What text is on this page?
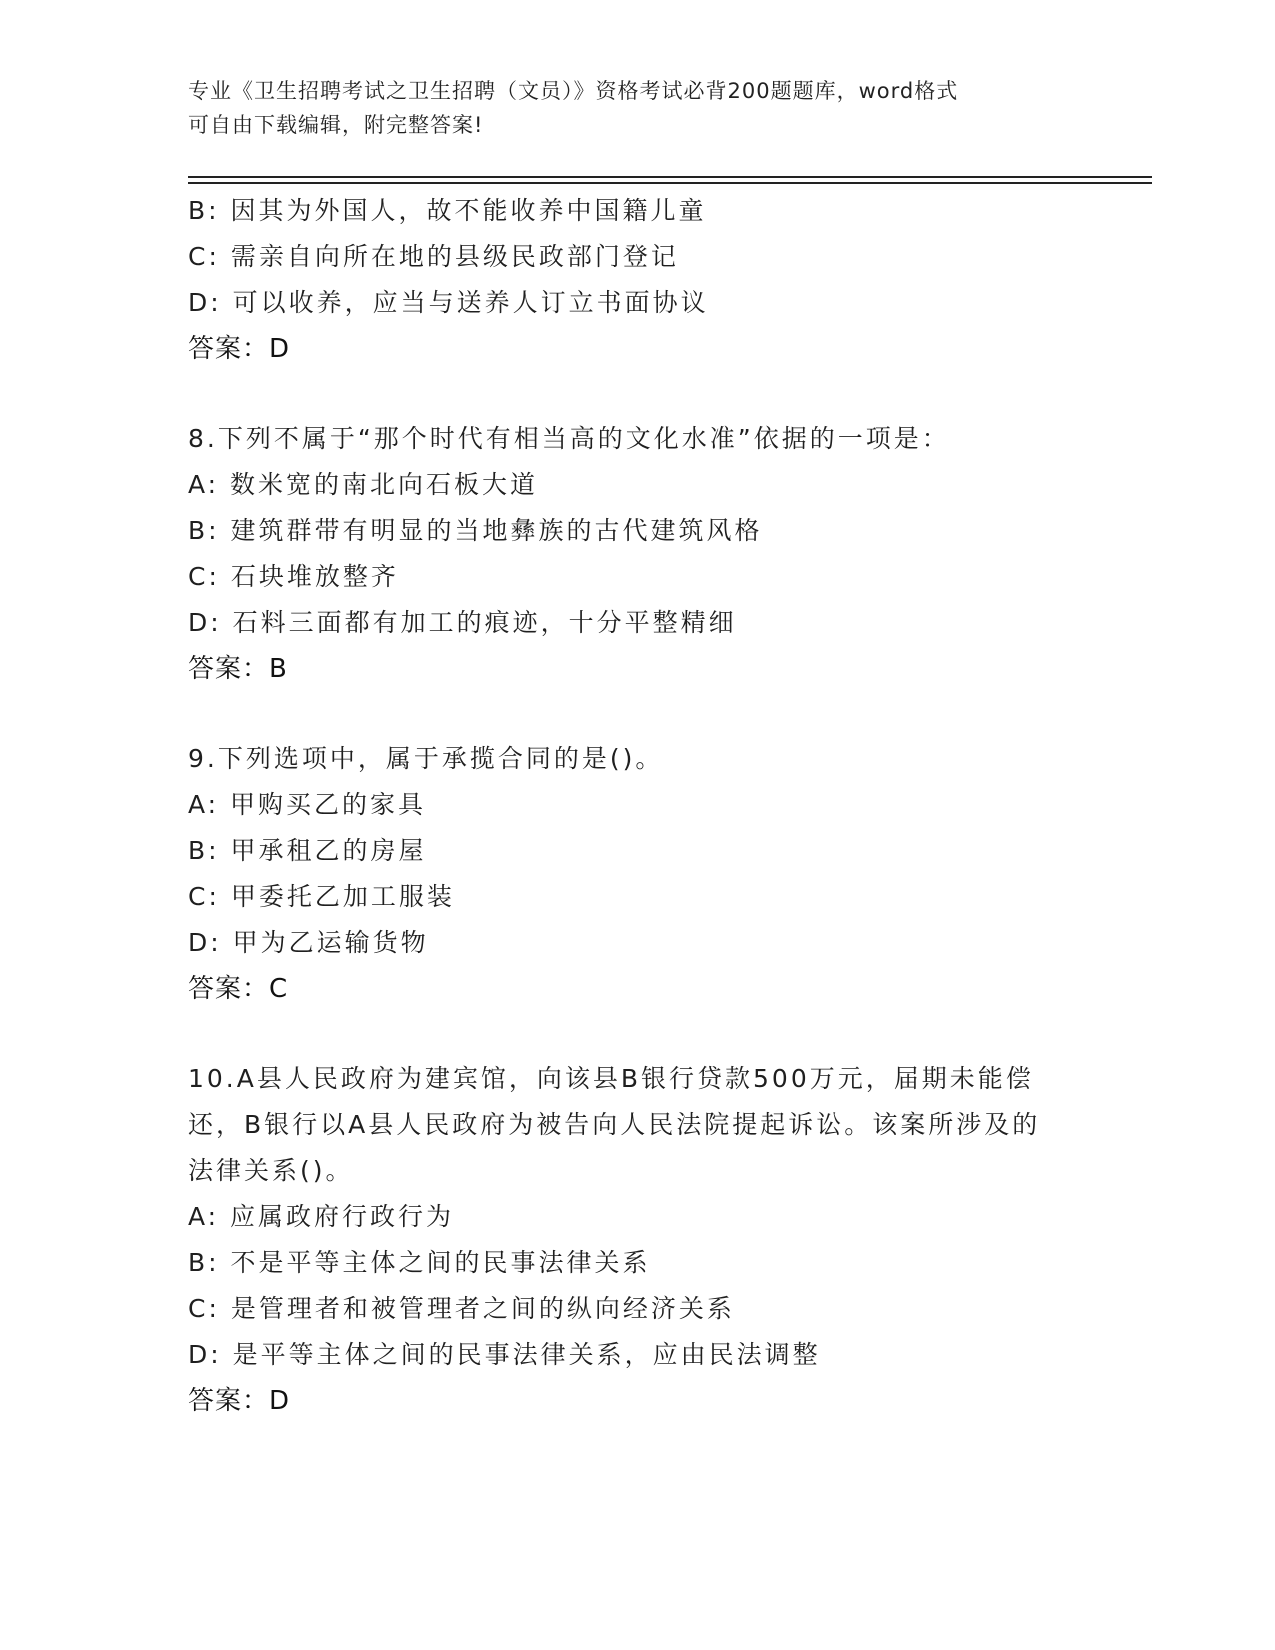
专业《卫生招聘考试之卫生招聘（文员）》资格考试必背200题题库，word格式
可自由下载编辑，附完整答案!
B: 因其为外国人，故不能收养中国籍儿童
C: 需亲自向所在地的县级民政部门登记
D: 可以收养，应当与送养人订立书面协议
答案：D
8.下列不属于“那个时代有相当高的文化水准”依据的一项是：
A: 数米宽的南北向石板大道
B: 建筑群带有明显的当地彝族的古代建筑风格
C: 石块堆放整齐
D: 石料三面都有加工的痕迹，十分平整精细
答案：B
9.下列选项中，属于承揽合同的是()。
A: 甲购买乙的家具
B: 甲承租乙的房屋
C: 甲委托乙加工服装
D: 甲为乙运输货物
答案：C
10.A县人民政府为建宾馆，向该县B银行贷款500万元，届期未能偿
还，B银行以A县人民政府为被告向人民法院提起诉讼。该案所涉及的
法律关系()。
A: 应属政府行政行为
B: 不是平等主体之间的民事法律关系
C: 是管理者和被管理者之间的纵向经济关系
D: 是平等主体之间的民事法律关系，应由民法调整
答案：D
